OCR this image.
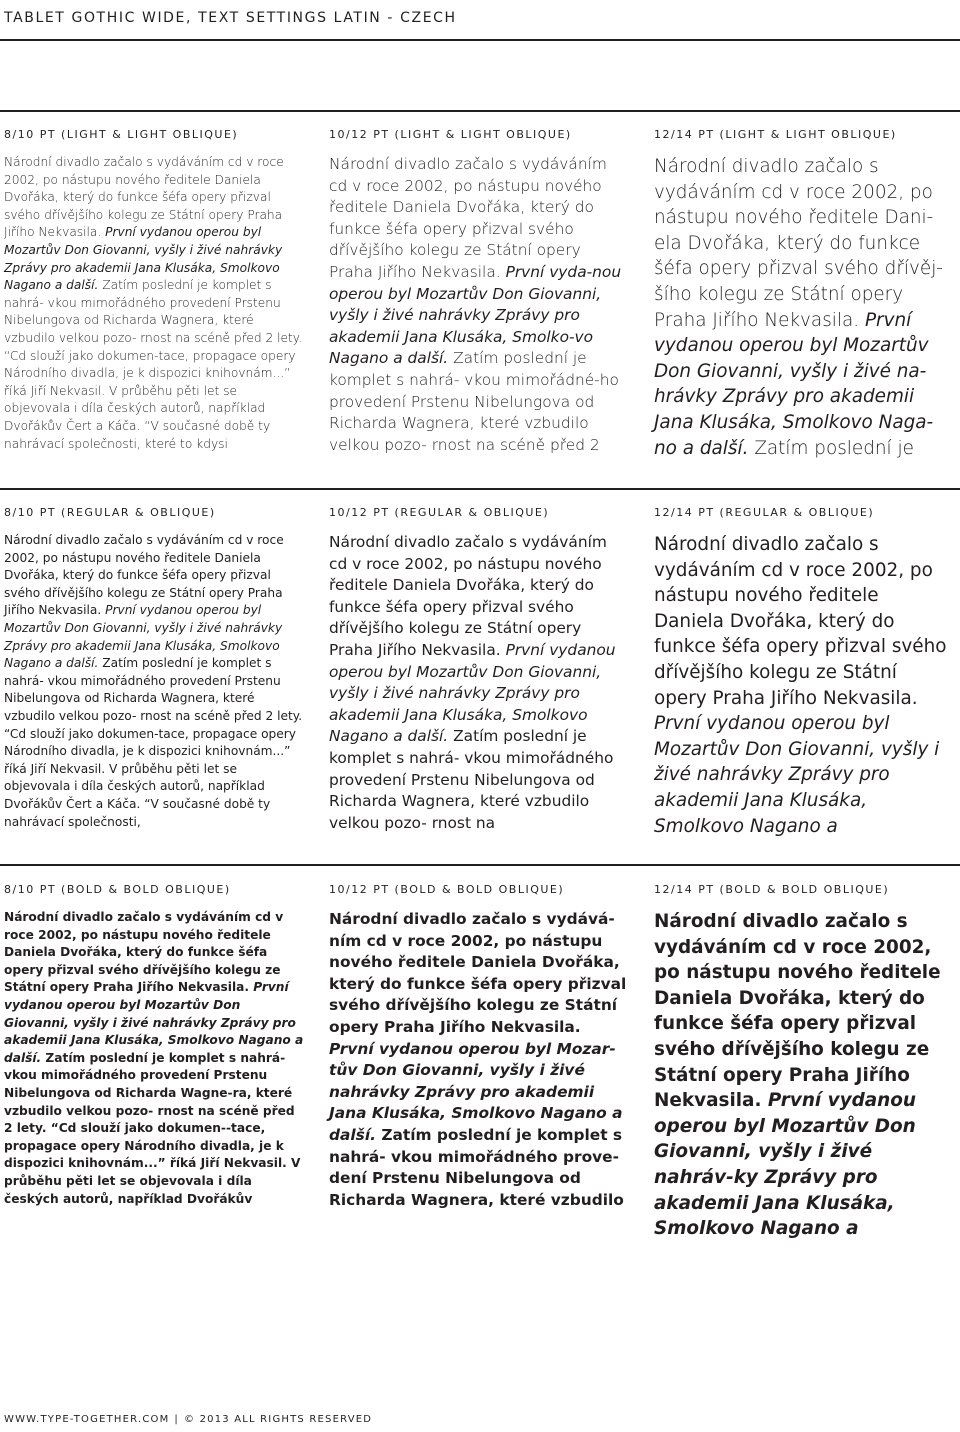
TABLET GOTHIC WIDE, TEXT SETTINGS LATIN - CZECH
8/10 PT (LIGHT & LIGHT OBLIQUE)

Národní divadlo začalo s vydáváním cd v roce 2002, po nástupu nového ředitele Daniela Dvořáka, který do funkce šéfa opery přizval svého dřívějšího kolegu ze Státní opery Praha Jiřího Nekvasila. První vydanou operou byl Mozartův Don Giovanni, vyšly i živé nahrávky Zprávy pro akademii Jana Klusáka, Smolkovo Nagano a další. Zatím poslední je komplet s nahrá- vkou mimořádného provedení Prstenu Nibelungova od Richarda Wagnera, které vzbudilo velkou pozo- rnost na scéně před 2 lety. “Cd slouží jako dokumen-tace, propagace opery Národního divadla, je k dispozici knihovnám...” říká Jiří Nekvasil. V průběhu pěti let se objevovala i díla českých autorů, například Dvořákův Čert a Káča. “V současné době ty nahrávací společnosti, které to kdysi

10/12 PT (LIGHT & LIGHT OBLIQUE)

Národní divadlo začalo s vydáváním cd v roce 2002, po nástupu nového ředitele Daniela Dvořáka, který do funkce šéfa opery přizval svého dřívějšího kolegu ze Státní opery Praha Jiřího Nekvasila. První vyda-nou operou byl Mozartův Don Giovanni, vyšly i živé nahrávky Zprávy pro akademii Jana Klusáka, Smolko-vo Nagano a další. Zatím poslední je komplet s nahrá- vkou mimořádné-ho provedení Prstenu Nibelungova od Richarda Wagnera, které vzbudilo velkou pozo- rnost na scéně před 2

12/14 PT (LIGHT & LIGHT OBLIQUE)

Národní divadlo začalo s vydáváním cd v roce 2002, po nástupu nového ředitele Dani-ela Dvořáka, který do funkce šéfa opery přizval svého dřívěj-šího kolegu ze Státní opery Praha Jiřího Nekvasila. První vydanou operou byl Mozartův Don Giovanni, vyšly i živé na-hrávky Zprávy pro akademii Jana Klusáka, Smolkovo Naga-no a další. Zatím poslední je

8/10 PT (REGULAR & OBLIQUE)

Národní divadlo začalo s vydáváním cd v roce 2002, po nástupu nového ředitele Daniela Dvořáka, který do funkce šéfa opery přizval svého dřívějšího kolegu ze Státní opery Praha Jiřího Nekvasila. První vydanou operou byl Mozartův Don Giovanni, vyšly i živé nahrávky Zprávy pro akademii Jana Klusáka, Smolkovo Nagano a další. Zatím poslední je komplet s nahrá- vkou mimořádného provedení Prstenu Nibelungova od Richarda Wagnera, které vzbudilo velkou pozo- rnost na scéně před 2 lety. “Cd slouží jako dokumen-tace, propagace opery Národního divadla, je k dispozici knihovnám...” říká Jiří Nekvasil. V průběhu pěti let se objevovala i díla českých autorů, například Dvořákův Čert a Káča. “V současné době ty nahrávací společnosti,

10/12 PT (REGULAR & OBLIQUE)

Národní divadlo začalo s vydáváním cd v roce 2002, po nástupu nového ředitele Daniela Dvořáka, který do funkce šéfa opery přizval svého dřívějšího kolegu ze Státní opery Praha Jiřího Nekvasila. První vydanou operou byl Mozartův Don Giovanni, vyšly i živé nahrávky Zprávy pro akademii Jana Klusáka, Smolkovo Nagano a další. Zatím poslední je komplet s nahrá- vkou mimořádného provedení Prstenu Nibelungova od Richarda Wagnera, které vzbudilo velkou pozo- rnost na

12/14 PT (REGULAR & OBLIQUE)

Národní divadlo začalo s vydáváním cd v roce 2002, po nástupu nového ředitele Daniela Dvořáka, který do funkce šéfa opery přizval svého dřívějšího kolegu ze Státní opery Praha Jiřího Nekvasila. První vydanou operou byl Mozartův Don Giovanni, vyšly i živé nahrávky Zprávy pro akademii Jana Klusáka, Smolkovo Nagano a

8/10 PT (BOLD & BOLD OBLIQUE)

Národní divadlo začalo s vydáváním cd v roce 2002, po nástupu nového ředitele Daniela Dvořáka, který do funkce šéfa opery přizval svého dřívějšího kolegu ze Státní opery Praha Jiřího Nekvasila. První vydanou operou byl Mozartův Don Giovanni, vyšly i živé nahrávky Zprávy pro akademii Jana Klusáka, Smolkovo Nagano a další. Zatím poslední je komplet s nahrá- vkou mimořádného provedení Prstenu Nibelungova od Richarda Wagne-ra, které vzbudilo velkou pozo- rnost na scéně před 2 lety. “Cd slouží jako dokumen--tace, propagace opery Národního divadla, je k dispozici knihovnám...” říká Jiří Nekvasil. V průběhu pěti let se objevovala i díla českých autorů, například Dvořákův

10/12 PT (BOLD & BOLD OBLIQUE)

Národní divadlo začalo s vydává-ním cd v roce 2002, po nástupu nového ředitele Daniela Dvořáka, který do funkce šéfa opery přizval svého dřívějšího kolegu ze Státní opery Praha Jiřího Nekvasila. První vydanou operou byl Mozar-tův Don Giovanni, vyšly i živé nahrávky Zprávy pro akademii Jana Klusáka, Smolkovo Nagano a další. Zatím poslední je komplet s nahrá- vkou mimořádného prove-dení Prstenu Nibelungova od Richarda Wagnera, které vzbudilo

12/14 PT (BOLD & BOLD OBLIQUE)

Národní divadlo začalo s vydáváním cd v roce 2002, po nástupu nového ředitele Daniela Dvořáka, který do funkce šéfa opery přizval svého dřívějšího kolegu ze Státní opery Praha Jiřího Nekvasila. První vydanou operou byl Mozartův Don Giovanni, vyšly i živé nahráv-ky Zprávy pro akademii Jana Klusáka, Smolkovo Nagano a

WWW.TYPE-TOGETHER.COM | © 2013 ALL RIGHTS RESERVED
